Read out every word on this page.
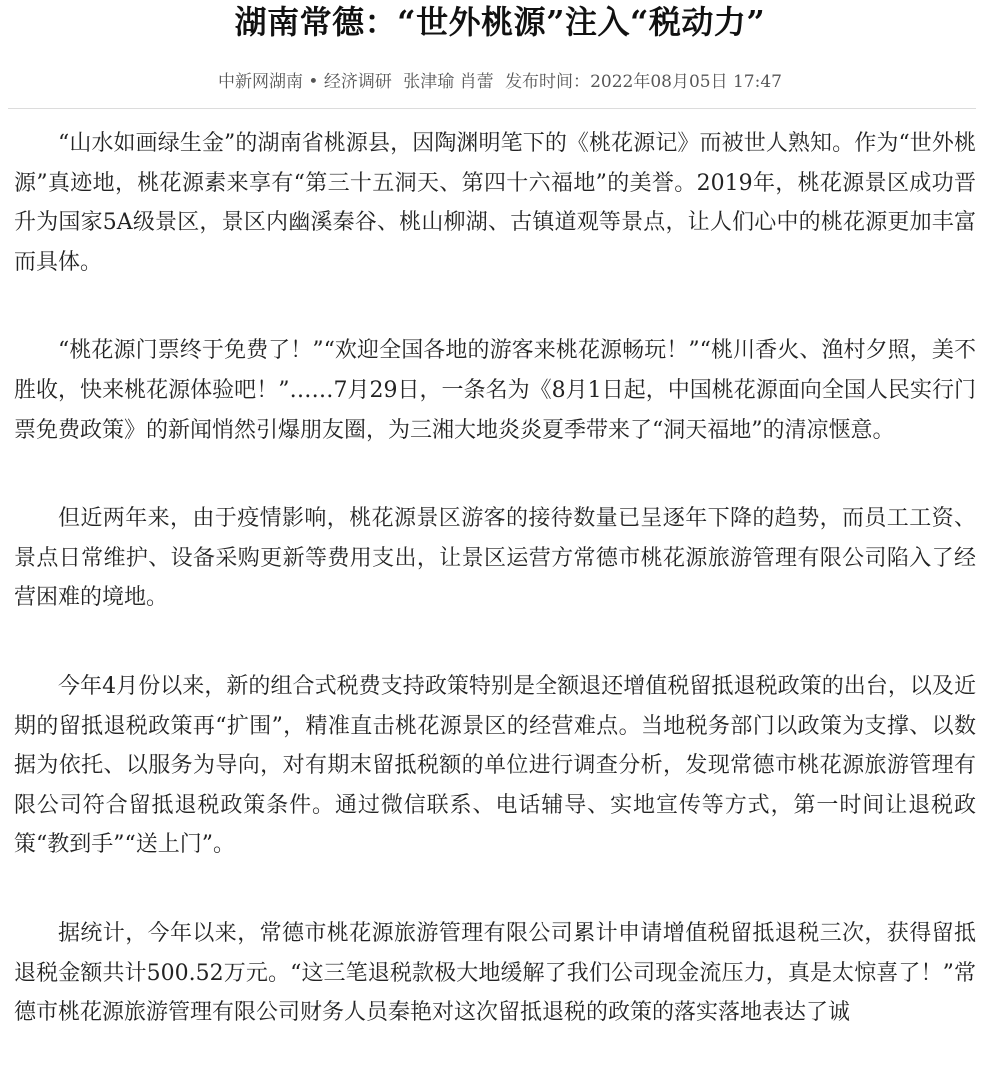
湖南常德：“世外桃源”注入“税动力”
中新网湖南 • 经济调研 张津瑜 肖蕾 发布时间：2022年08月05日 17:47

“山水如画绿生金”的湖南省桃源县，因陶渊明笔下的《桃花源记》而被世人熟知。作为“世外桃源”真迹地，桃花源素来享有“第三十五洞天、第四十六福地”的美誉。2019年，桃花源景区成功晋升为国家5A级景区，景区内幽溪秦谷、桃山柳湖、古镇道观等景点，让人们心中的桃花源更加丰富而具体。

“桃花源门票终于免费了！”“欢迎全国各地的游客来桃花源畅玩！”“桃川香火、渔村夕照，美不胜收，快来桃花源体验吧！”……7月29日，一条名为《8月1日起，中国桃花源面向全国人民实行门票免费政策》的新闻悄然引爆朋友圈，为三湘大地炎炎夏季带来了“洞天福地”的清凉惬意。

但近两年来，由于疫情影响，桃花源景区游客的接待数量已呈逐年下降的趋势，而员工工资、景点日常维护、设备采购更新等费用支出，让景区运营方常德市桃花源旅游管理有限公司陷入了经营困难的境地。

今年4月份以来，新的组合式税费支持政策特别是全额退还增值税留抵退税政策的出台，以及近期的留抵退税政策再“扩围”，精准直击桃花源景区的经营难点。当地税务部门以政策为支撑、以数据为依托、以服务为导向，对有期末留抵税额的单位进行调查分析，发现常德市桃花源旅游管理有限公司符合留抵退税政策条件。通过微信联系、电话辅导、实地宣传等方式，第一时间让退税政策“教到手”“送上门”。

据统计，今年以来，常德市桃花源旅游管理有限公司累计申请增值税留抵退税三次，获得留抵退税金额共计500.52万元。“这三笔退税款极大地缓解了我们公司现金流压力，真是太惊喜了！”常德市桃花源旅游管理有限公司财务人员秦艳对这次留抵退税的政策的落实落地表达了诚
